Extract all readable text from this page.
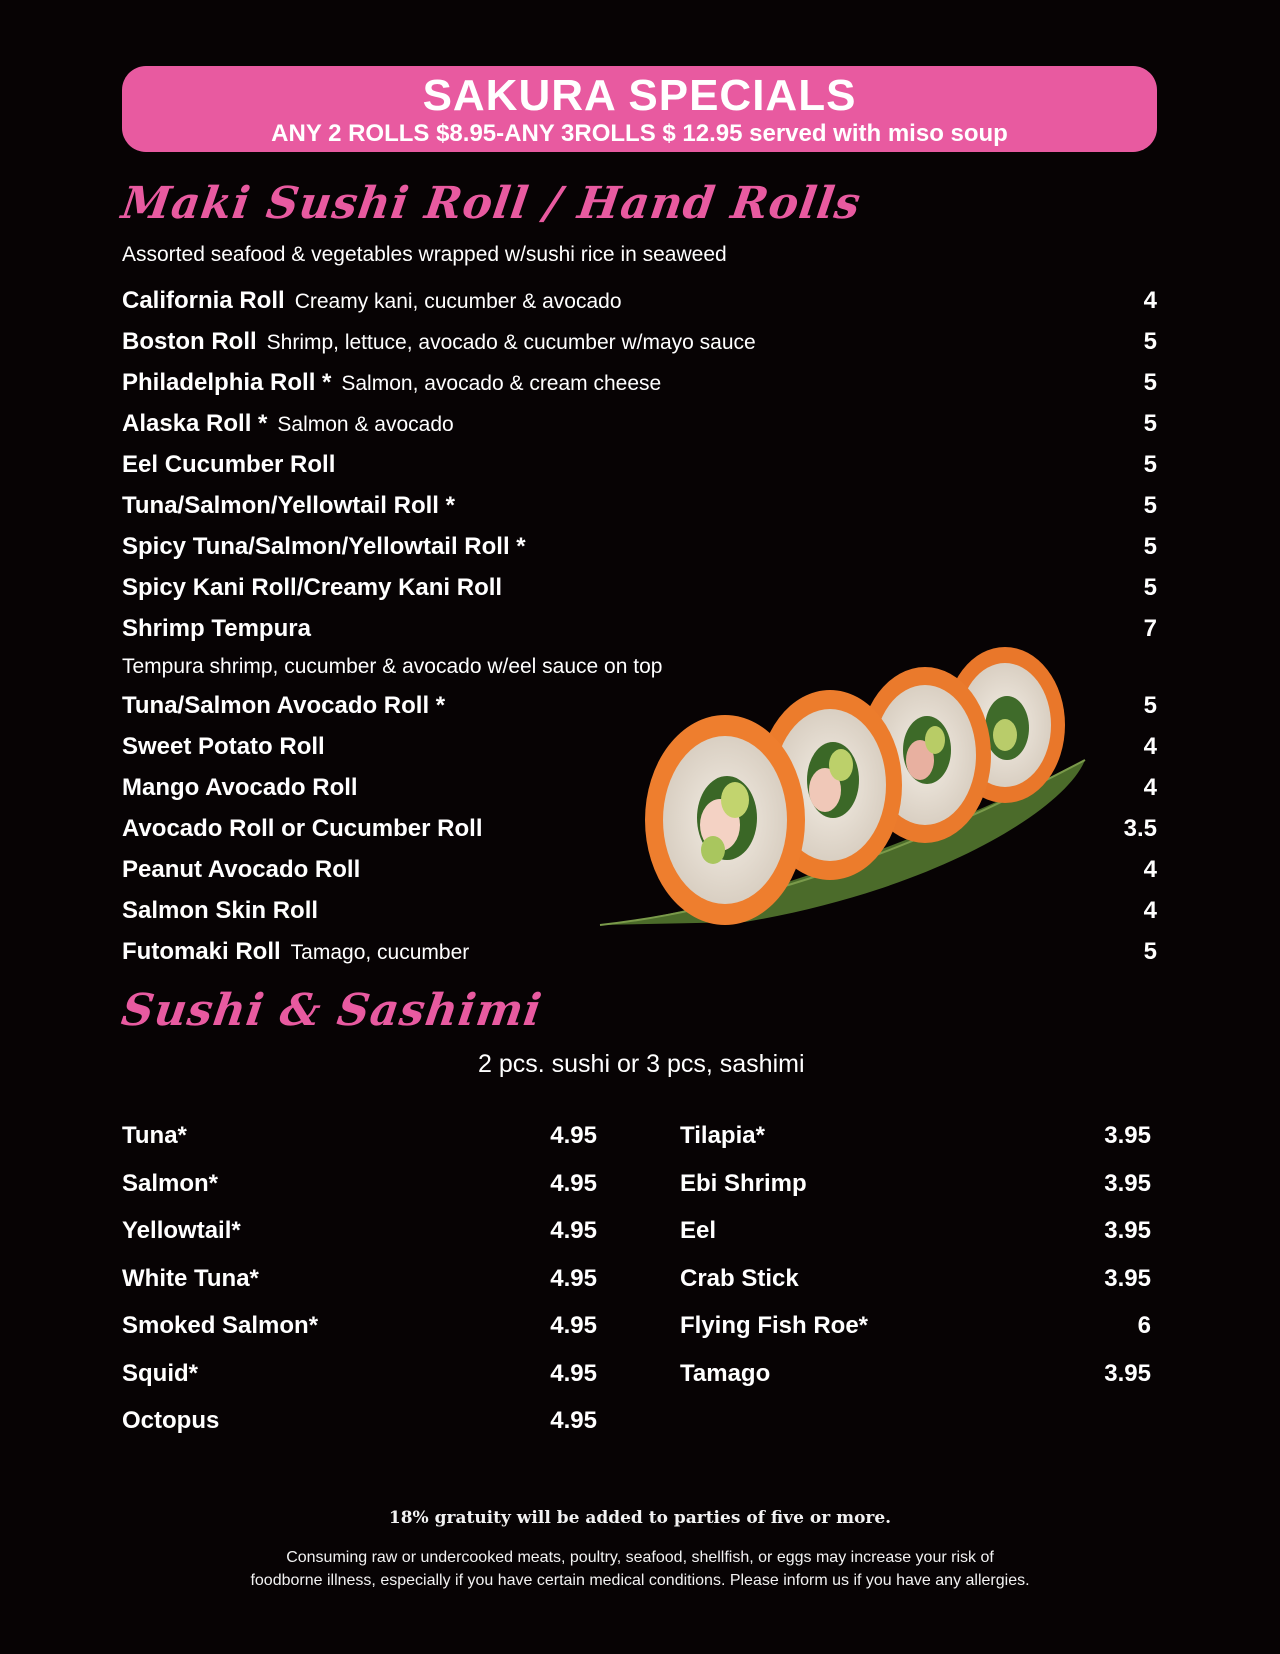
SAKURA SPECIALS
ANY 2 ROLLS $8.95-ANY 3ROLLS $ 12.95 served with miso soup
Maki Sushi Roll / Hand Rolls
Assorted seafood & vegetables wrapped w/sushi rice in seaweed
California Roll Creamy kani, cucumber & avocado	4
Boston Roll Shrimp, lettuce, avocado & cucumber w/mayo sauce	5
Philadelphia Roll * Salmon, avocado & cream cheese	5
Alaska Roll * Salmon & avocado	5
Eel Cucumber Roll	5
Tuna/Salmon/Yellowtail Roll *	5
Spicy Tuna/Salmon/Yellowtail Roll *	5
Spicy Kani Roll/Creamy Kani Roll	5
Shrimp Tempura	7
Tempura shrimp, cucumber & avocado w/eel sauce on top
Tuna/Salmon Avocado Roll *	5
Sweet Potato Roll	4
Mango Avocado Roll	4
Avocado Roll or Cucumber Roll	3.5
Peanut Avocado Roll	4
Salmon Skin Roll	4
Futomaki Roll Tamago, cucumber	5
Sushi & Sashimi
2 pcs. sushi or 3 pcs, sashimi
Tuna*	4.95
Salmon*	4.95
Yellowtail*	4.95
White Tuna*	4.95
Smoked Salmon*	4.95
Squid*	4.95
Octopus	4.95
Tilapia*	3.95
Ebi Shrimp	3.95
Eel	3.95
Crab Stick	3.95
Flying Fish Roe*	6
Tamago	3.95
18% gratuity will be added to parties of five or more.
Consuming raw or undercooked meats, poultry, seafood, shellfish, or eggs may increase your risk of
foodborne illness, especially if you have certain medical conditions. Please inform us if you have any allergies.
